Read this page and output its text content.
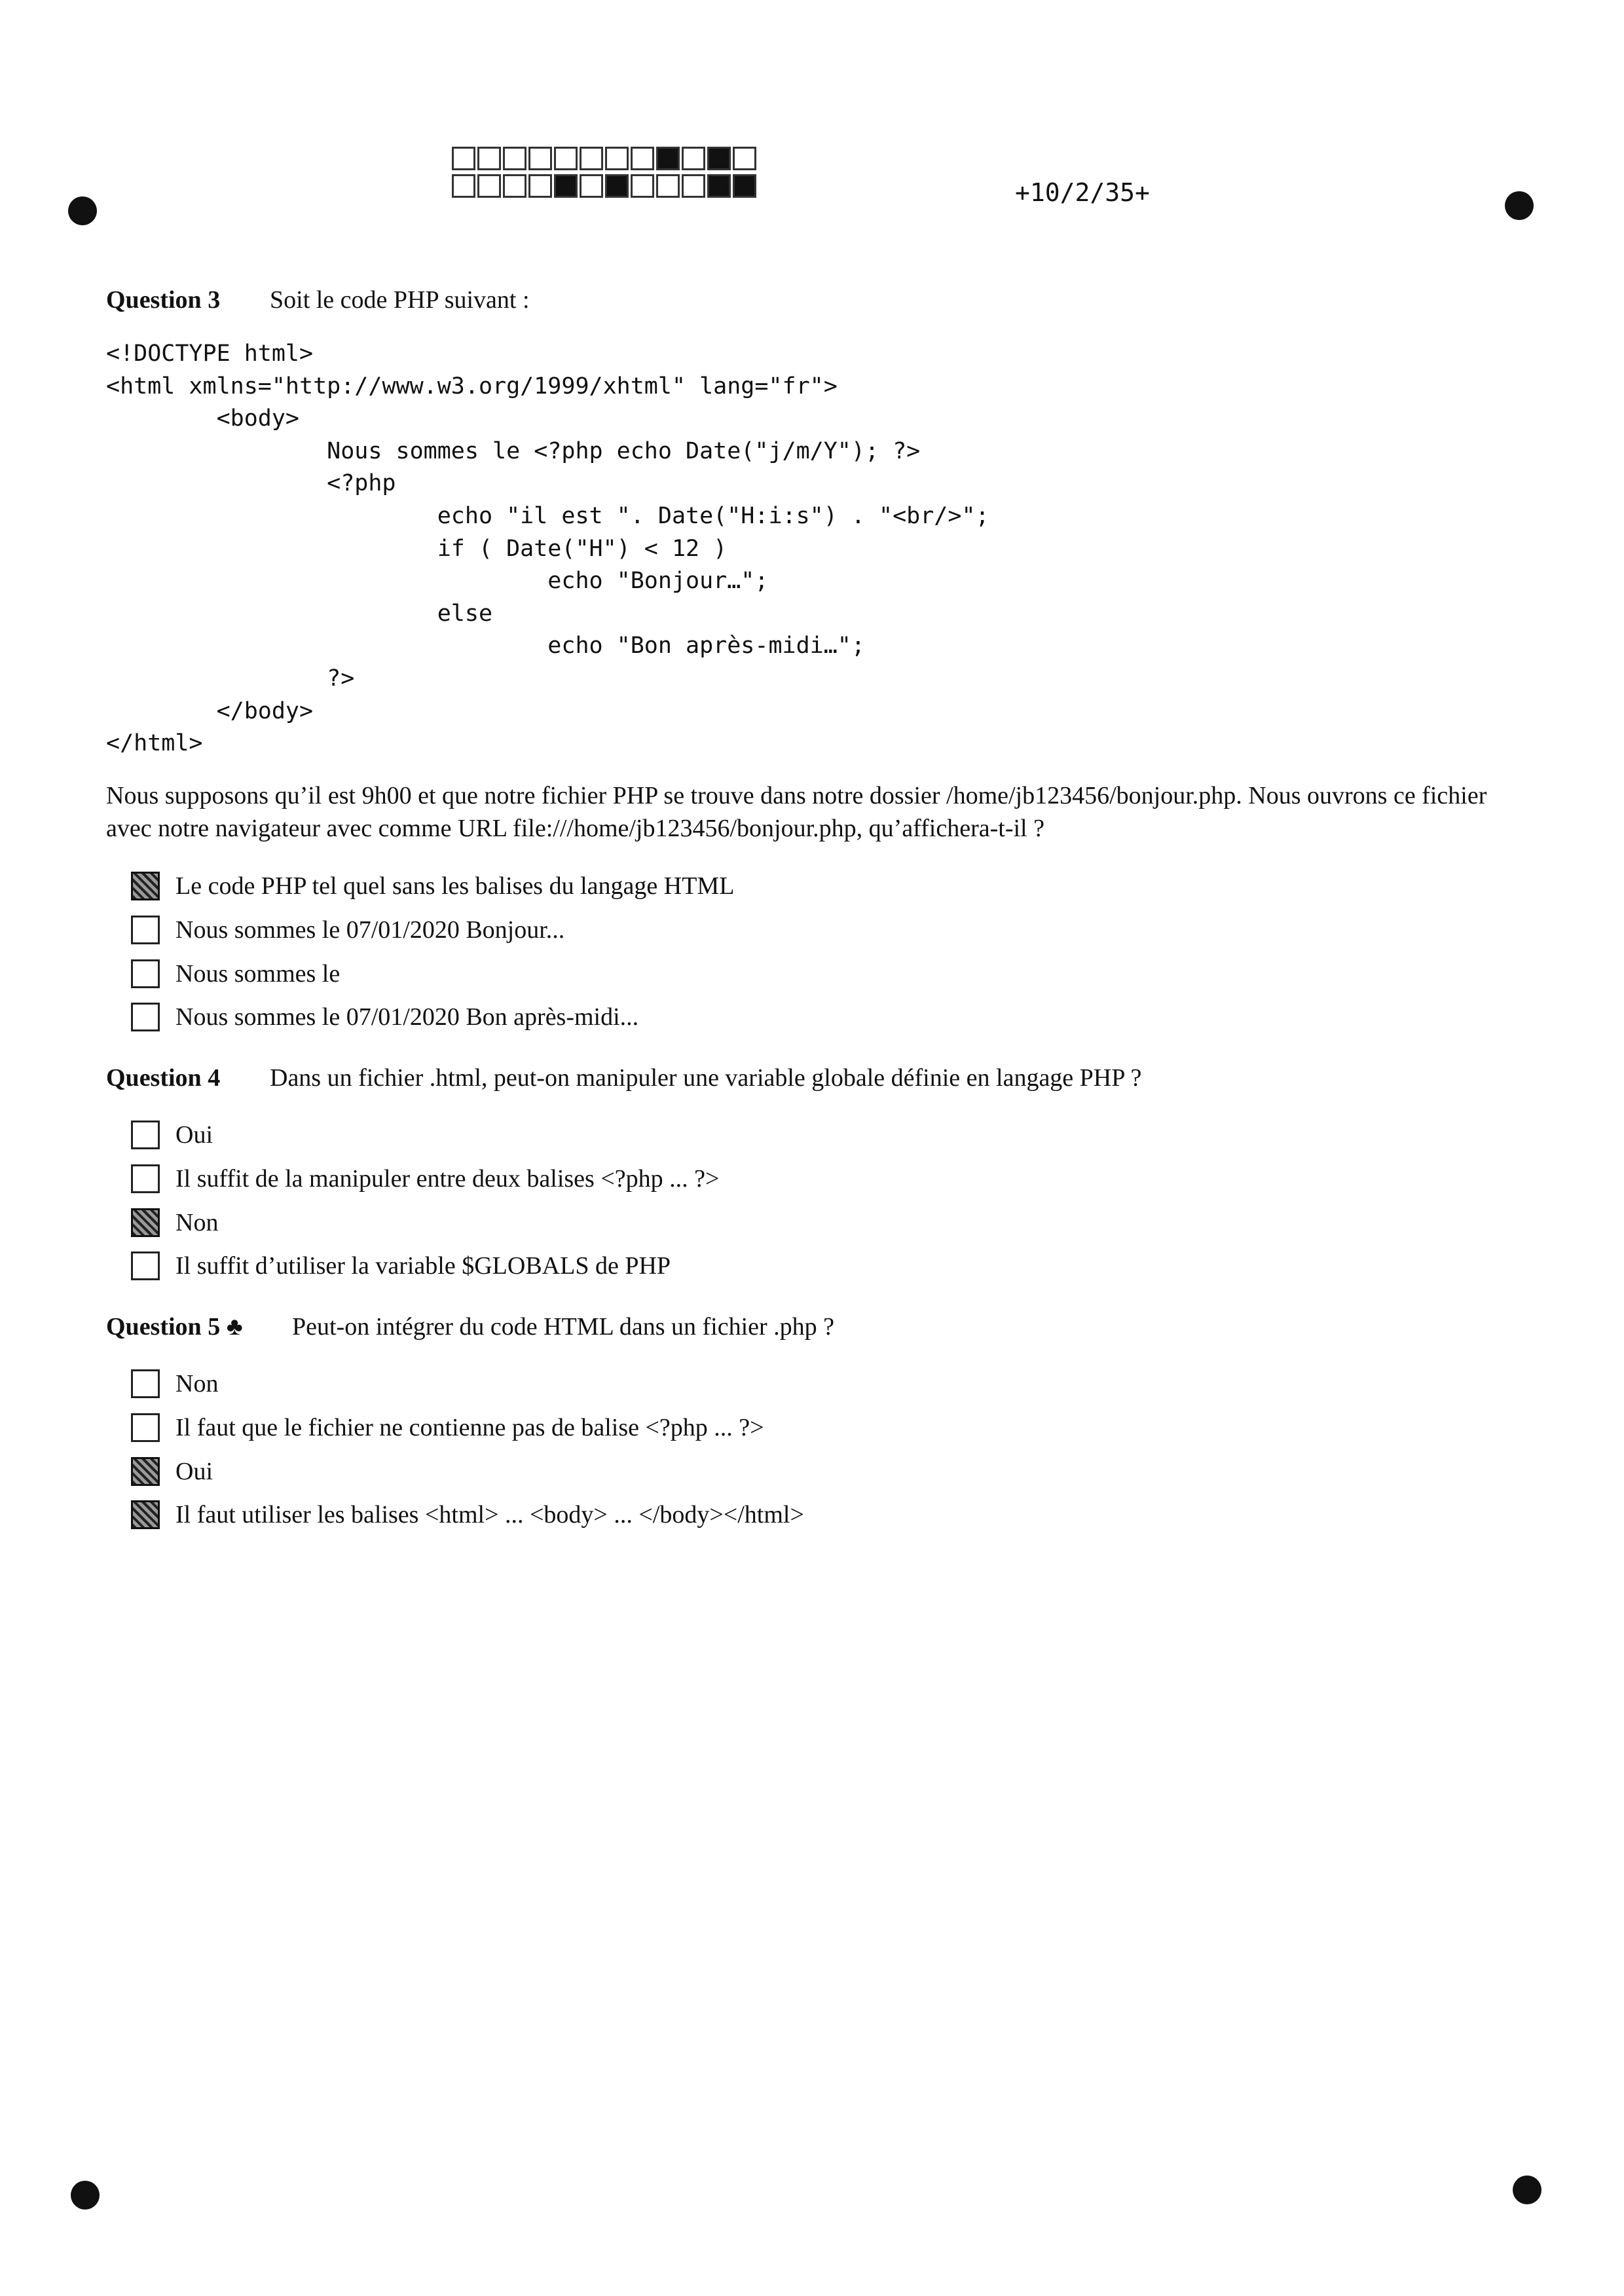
+10/2/35+
Question 3	Soit le code PHP suivant :
<!DOCTYPE html>
<html xmlns="http://www.w3.org/1999/xhtml" lang="fr">
<body>
Nous sommes le <?php echo Date("j/m/Y"); ?>
<?php
echo "il est ". Date("H:i:s") . "<br/>";
if ( Date("H") < 12 )
echo "Bonjour…";
else
echo "Bon après-midi…";
?>
</body>
</html>
Nous supposons qu’il est 9h00 et que notre fichier PHP se trouve dans notre dossier /home/jb123456/bonjour.php. Nous ouvrons ce fichier avec notre navigateur avec comme URL file:///home/jb123456/bonjour.php, qu’affichera-t-il ?
Le code PHP tel quel sans les balises du langage HTML
Nous sommes le 07/01/2020 Bonjour...
Nous sommes le
Nous sommes le 07/01/2020 Bon après-midi...
Question 4	Dans un fichier .html, peut-on manipuler une variable globale définie en langage PHP ?
Oui
Il suffit de la manipuler entre deux balises <?php ... ?>
Non
Il suffit d’utiliser la variable $GLOBALS de PHP
Question 5 ♣	Peut-on intégrer du code HTML dans un fichier .php ?
Non
Il faut que le fichier ne contienne pas de balise <?php ... ?>
Oui
Il faut utiliser les balises <html> ... <body> ... </body></html>
